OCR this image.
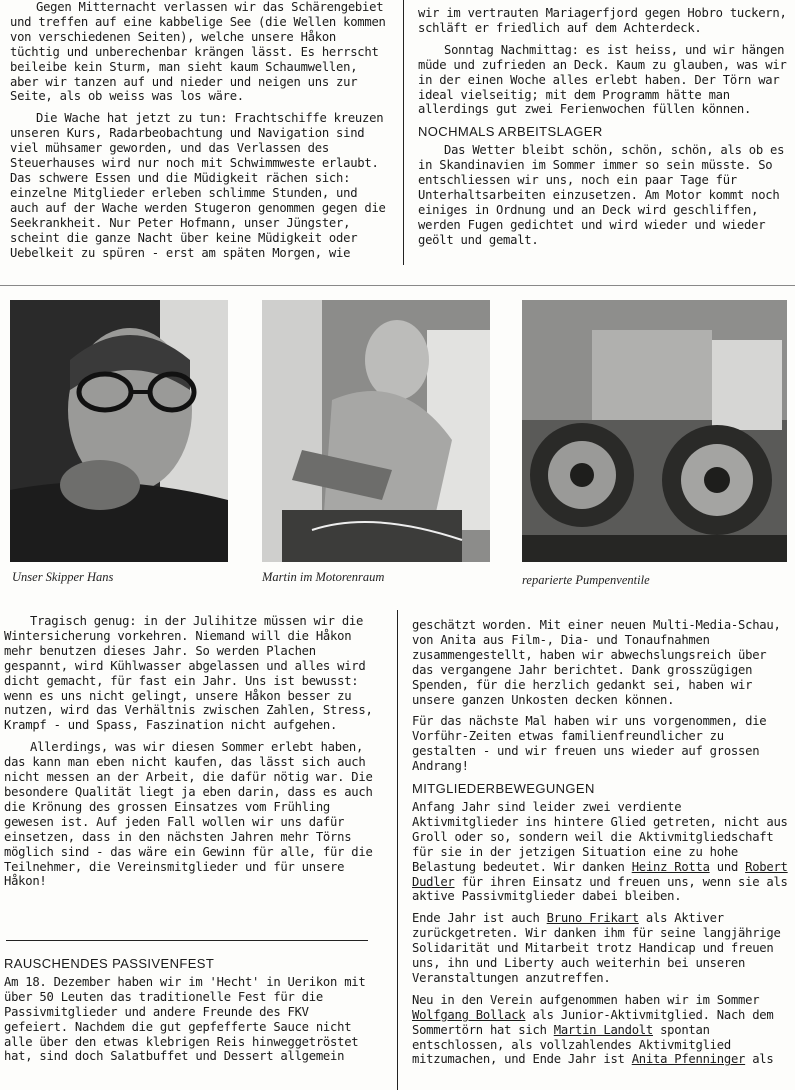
Gegen Mitternacht verlassen wir das Schärengebiet und treffen auf eine kabbelige See (die Wellen kommen von verschiedenen Seiten), welche unsere Håkon tüchtig und unberechenbar krängen lässt. Es herrscht beileibe kein Sturm, man sieht kaum Schaumwellen, aber wir tanzen auf und nieder und neigen uns zur Seite, als ob weiss was los wäre.

Die Wache hat jetzt zu tun: Frachtschiffe kreuzen unseren Kurs, Radarbeobachtung und Navigation sind viel mühsamer geworden, und das Verlassen des Steuerhauses wird nur noch mit Schwimmweste erlaubt. Das schwere Essen und die Müdigkeit rächen sich: einzelne Mitglieder erleben schlimme Stunden, und auch auf der Wache werden Stugeron genommen gegen die Seekrankheit. Nur Peter Hofmann, unser Jüngster, scheint die ganze Nacht über keine Müdigkeit oder Uebelkeit zu spüren - erst am späten Morgen, wie

wir im vertrauten Mariagerfjord gegen Hobro tuckern, schläft er friedlich auf dem Achterdeck.

Sonntag Nachmittag: es ist heiss, und wir hängen müde und zufrieden an Deck. Kaum zu glauben, was wir in der einen Woche alles erlebt haben. Der Törn war ideal vielseitig; mit dem Programm hätte man allerdings gut zwei Ferienwochen füllen können.

NOCHMALS ARBEITSLAGER

Das Wetter bleibt schön, schön, schön, als ob es in Skandinavien im Sommer immer so sein müsste. So entschliessen wir uns, noch ein paar Tage für Unterhaltsarbeiten einzusetzen. Am Motor kommt noch einiges in Ordnung und an Deck wird geschliffen, werden Fugen gedichtet und wird wieder und wieder geölt und gemalt.

Unser Skipper Hans	Martin im Motorenraum	reparierte Pumpenventile

Tragisch genug: in der Julihitze müssen wir die Wintersicherung vorkehren. Niemand will die Håkon mehr benutzen dieses Jahr. So werden Plachen gespannt, wird Kühlwasser abgelassen und alles wird dicht gemacht, für fast ein Jahr. Uns ist bewusst: wenn es uns nicht gelingt, unsere Håkon besser zu nutzen, wird das Verhältnis zwischen Zahlen, Stress, Krampf - und Spass, Faszination nicht aufgehen.

Allerdings, was wir diesen Sommer erlebt haben, das kann man eben nicht kaufen, das lässt sich auch nicht messen an der Arbeit, die dafür nötig war. Die besondere Qualität liegt ja eben darin, dass es auch die Krönung des grossen Einsatzes vom Frühling gewesen ist. Auf jeden Fall wollen wir uns dafür einsetzen, dass in den nächsten Jahren mehr Törns möglich sind - das wäre ein Gewinn für alle, für die Teilnehmer, die Vereinsmitglieder und für unsere Håkon!

RAUSCHENDES PASSIVENFEST

Am 18. Dezember haben wir im 'Hecht' in Uerikon mit über 50 Leuten das traditionelle Fest für die Passivmitglieder und andere Freunde des FKV gefeiert. Nachdem die gut gepfefferte Sauce nicht alle über den etwas klebrigen Reis hinweggetröstet hat, sind doch Salatbuffet und Dessert allgemein

geschätzt worden. Mit einer neuen Multi-Media-Schau, von Anita aus Film-, Dia- und Tonaufnahmen zusammengestellt, haben wir abwechslungsreich über das vergangene Jahr berichtet. Dank grosszügigen Spenden, für die herzlich gedankt sei, haben wir unsere ganzen Unkosten decken können.

Für das nächste Mal haben wir uns vorgenommen, die Vorführ-Zeiten etwas familienfreundlicher zu gestalten - und wir freuen uns wieder auf grossen Andrang!

MITGLIEDERBEWEGUNGEN

Anfang Jahr sind leider zwei verdiente Aktivmitglieder ins hintere Glied getreten, nicht aus Groll oder so, sondern weil die Aktivmitgliedschaft für sie in der jetzigen Situation eine zu hohe Belastung bedeutet. Wir danken Heinz Rotta und Robert Dudler für ihren Einsatz und freuen uns, wenn sie als aktive Passivmitglieder dabei bleiben.

Ende Jahr ist auch Bruno Frikart als Aktiver zurückgetreten. Wir danken ihm für seine langjährige Solidarität und Mitarbeit trotz Handicap und freuen uns, ihn und Liberty auch weiterhin bei unseren Veranstaltungen anzutreffen.

Neu in den Verein aufgenommen haben wir im Sommer Wolfgang Bollack als Junior-Aktivmitglied. Nach dem Sommertörn hat sich Martin Landolt spontan entschlossen, als vollzahlendes Aktivmitglied mitzumachen, und Ende Jahr ist Anita Pfenninger als
